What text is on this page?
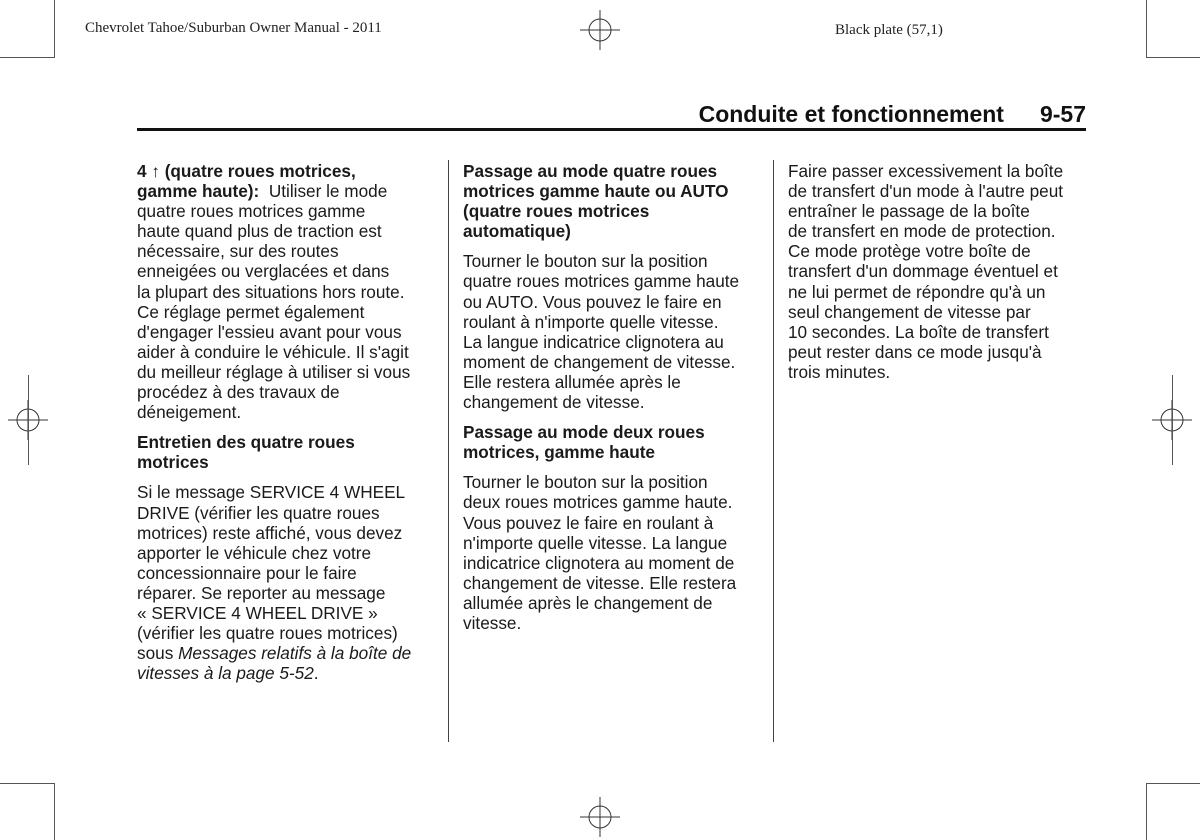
Chevrolet Tahoe/Suburban Owner Manual - 2011	Black plate (57,1)
Conduite et fonctionnement 9-57
4 ↑ (quatre roues motrices,
gamme haute): Utiliser le mode
quatre roues motrices gamme
haute quand plus de traction est
nécessaire, sur des routes
enneigées ou verglacées et dans
la plupart des situations hors route.
Ce réglage permet également
d'engager l'essieu avant pour vous
aider à conduire le véhicule. Il s'agit
du meilleur réglage à utiliser si vous
procédez à des travaux de
déneigement.
Entretien des quatre roues
motrices
Si le message SERVICE 4 WHEEL
DRIVE (vérifier les quatre roues
motrices) reste affiché, vous devez
apporter le véhicule chez votre
concessionnaire pour le faire
réparer. Se reporter au message
« SERVICE 4 WHEEL DRIVE »
(vérifier les quatre roues motrices)
sous Messages relatifs à la boîte de
vitesses à la page 5-52.
Passage au mode quatre roues
motrices gamme haute ou AUTO
(quatre roues motrices
automatique)
Tourner le bouton sur la position
quatre roues motrices gamme haute
ou AUTO. Vous pouvez le faire en
roulant à n'importe quelle vitesse.
La langue indicatrice clignotera au
moment de changement de vitesse.
Elle restera allumée après le
changement de vitesse.
Passage au mode deux roues
motrices, gamme haute
Tourner le bouton sur la position
deux roues motrices gamme haute.
Vous pouvez le faire en roulant à
n'importe quelle vitesse. La langue
indicatrice clignotera au moment de
changement de vitesse. Elle restera
allumée après le changement de
vitesse.
Faire passer excessivement la boîte
de transfert d'un mode à l'autre peut
entraîner le passage de la boîte
de transfert en mode de protection.
Ce mode protège votre boîte de
transfert d'un dommage éventuel et
ne lui permet de répondre qu'à un
seul changement de vitesse par
10 secondes. La boîte de transfert
peut rester dans ce mode jusqu'à
trois minutes.
